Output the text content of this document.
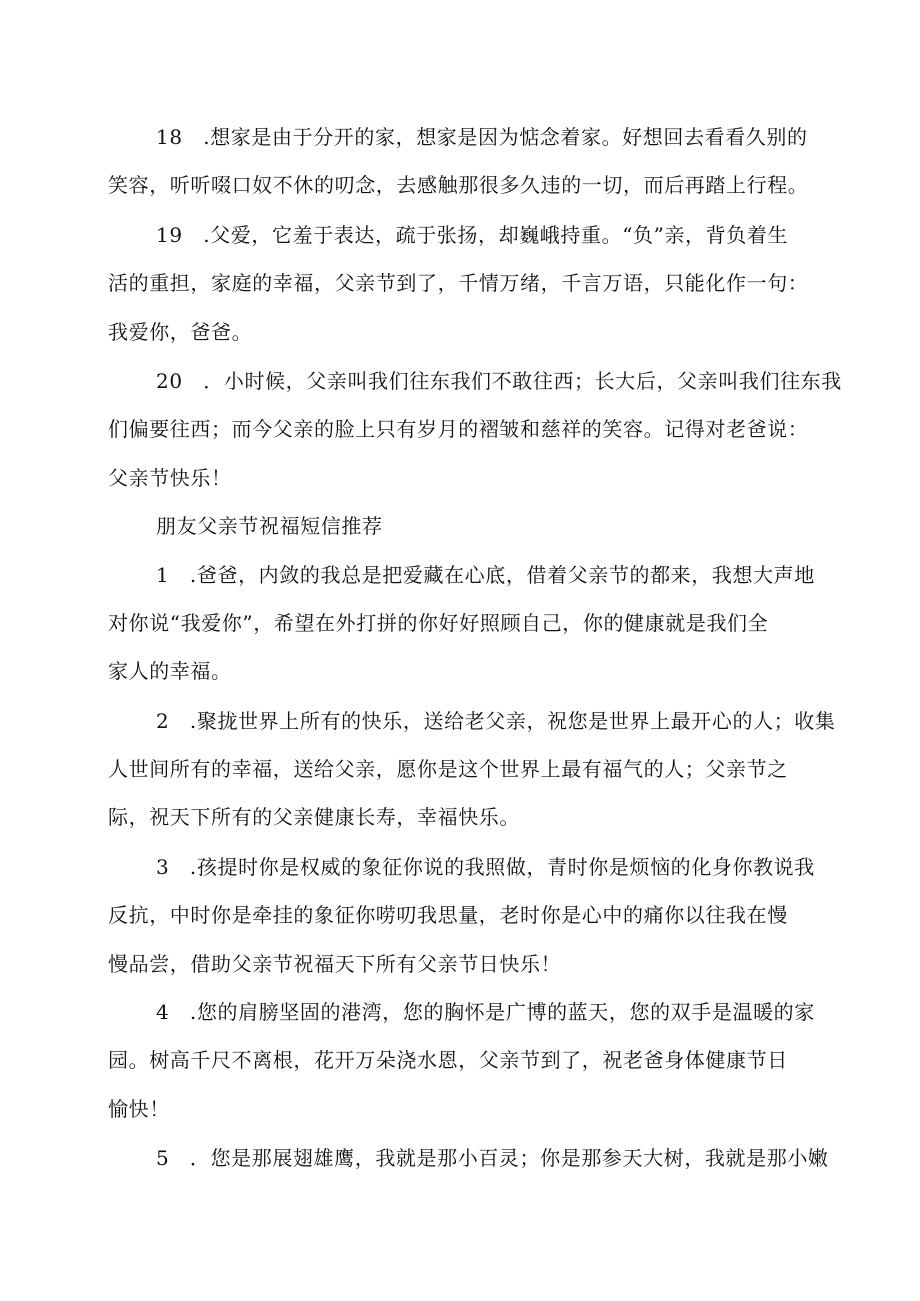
18　.想家是由于分开的家，想家是因为惦念着家。好想回去看看久别的

笑容，听听啜口奴不休的叨念，去感触那很多久违的一切，而后再踏上行程。

19　.父爱，它羞于表达，疏于张扬，却巍峨持重。“负”亲，背负着生

活的重担，家庭的幸福，父亲节到了，千情万绪，千言万语，只能化作一句：

我爱你，爸爸。

20　．小时候，父亲叫我们往东我们不敢往西；长大后，父亲叫我们往东我

们偏要往西；而今父亲的脸上只有岁月的褶皱和慈祥的笑容。记得对老爸说：

父亲节快乐！

朋友父亲节祝福短信推荐

1　.爸爸，内敛的我总是把爱藏在心底，借着父亲节的都来，我想大声地

对你说“我爱你”，希望在外打拼的你好好照顾自己，你的健康就是我们全

家人的幸福。

2　.聚拢世界上所有的快乐，送给老父亲，祝您是世界上最开心的人；收集

人世间所有的幸福，送给父亲，愿你是这个世界上最有福气的人；父亲节之

际，祝天下所有的父亲健康长寿，幸福快乐。

3　.孩提时你是权威的象征你说的我照做，青时你是烦恼的化身你教说我

反抗，中时你是牵挂的象征你唠叨我思量，老时你是心中的痛你以往我在慢

慢品尝，借助父亲节祝福天下所有父亲节日快乐！

4　.您的肩膀坚固的港湾，您的胸怀是广博的蓝天，您的双手是温暖的家

园。树高千尺不离根，花开万朵浇水恩，父亲节到了，祝老爸身体健康节日

愉快！

5　．您是那展翅雄鹰，我就是那小百灵；你是那参天大树，我就是那小嫩
